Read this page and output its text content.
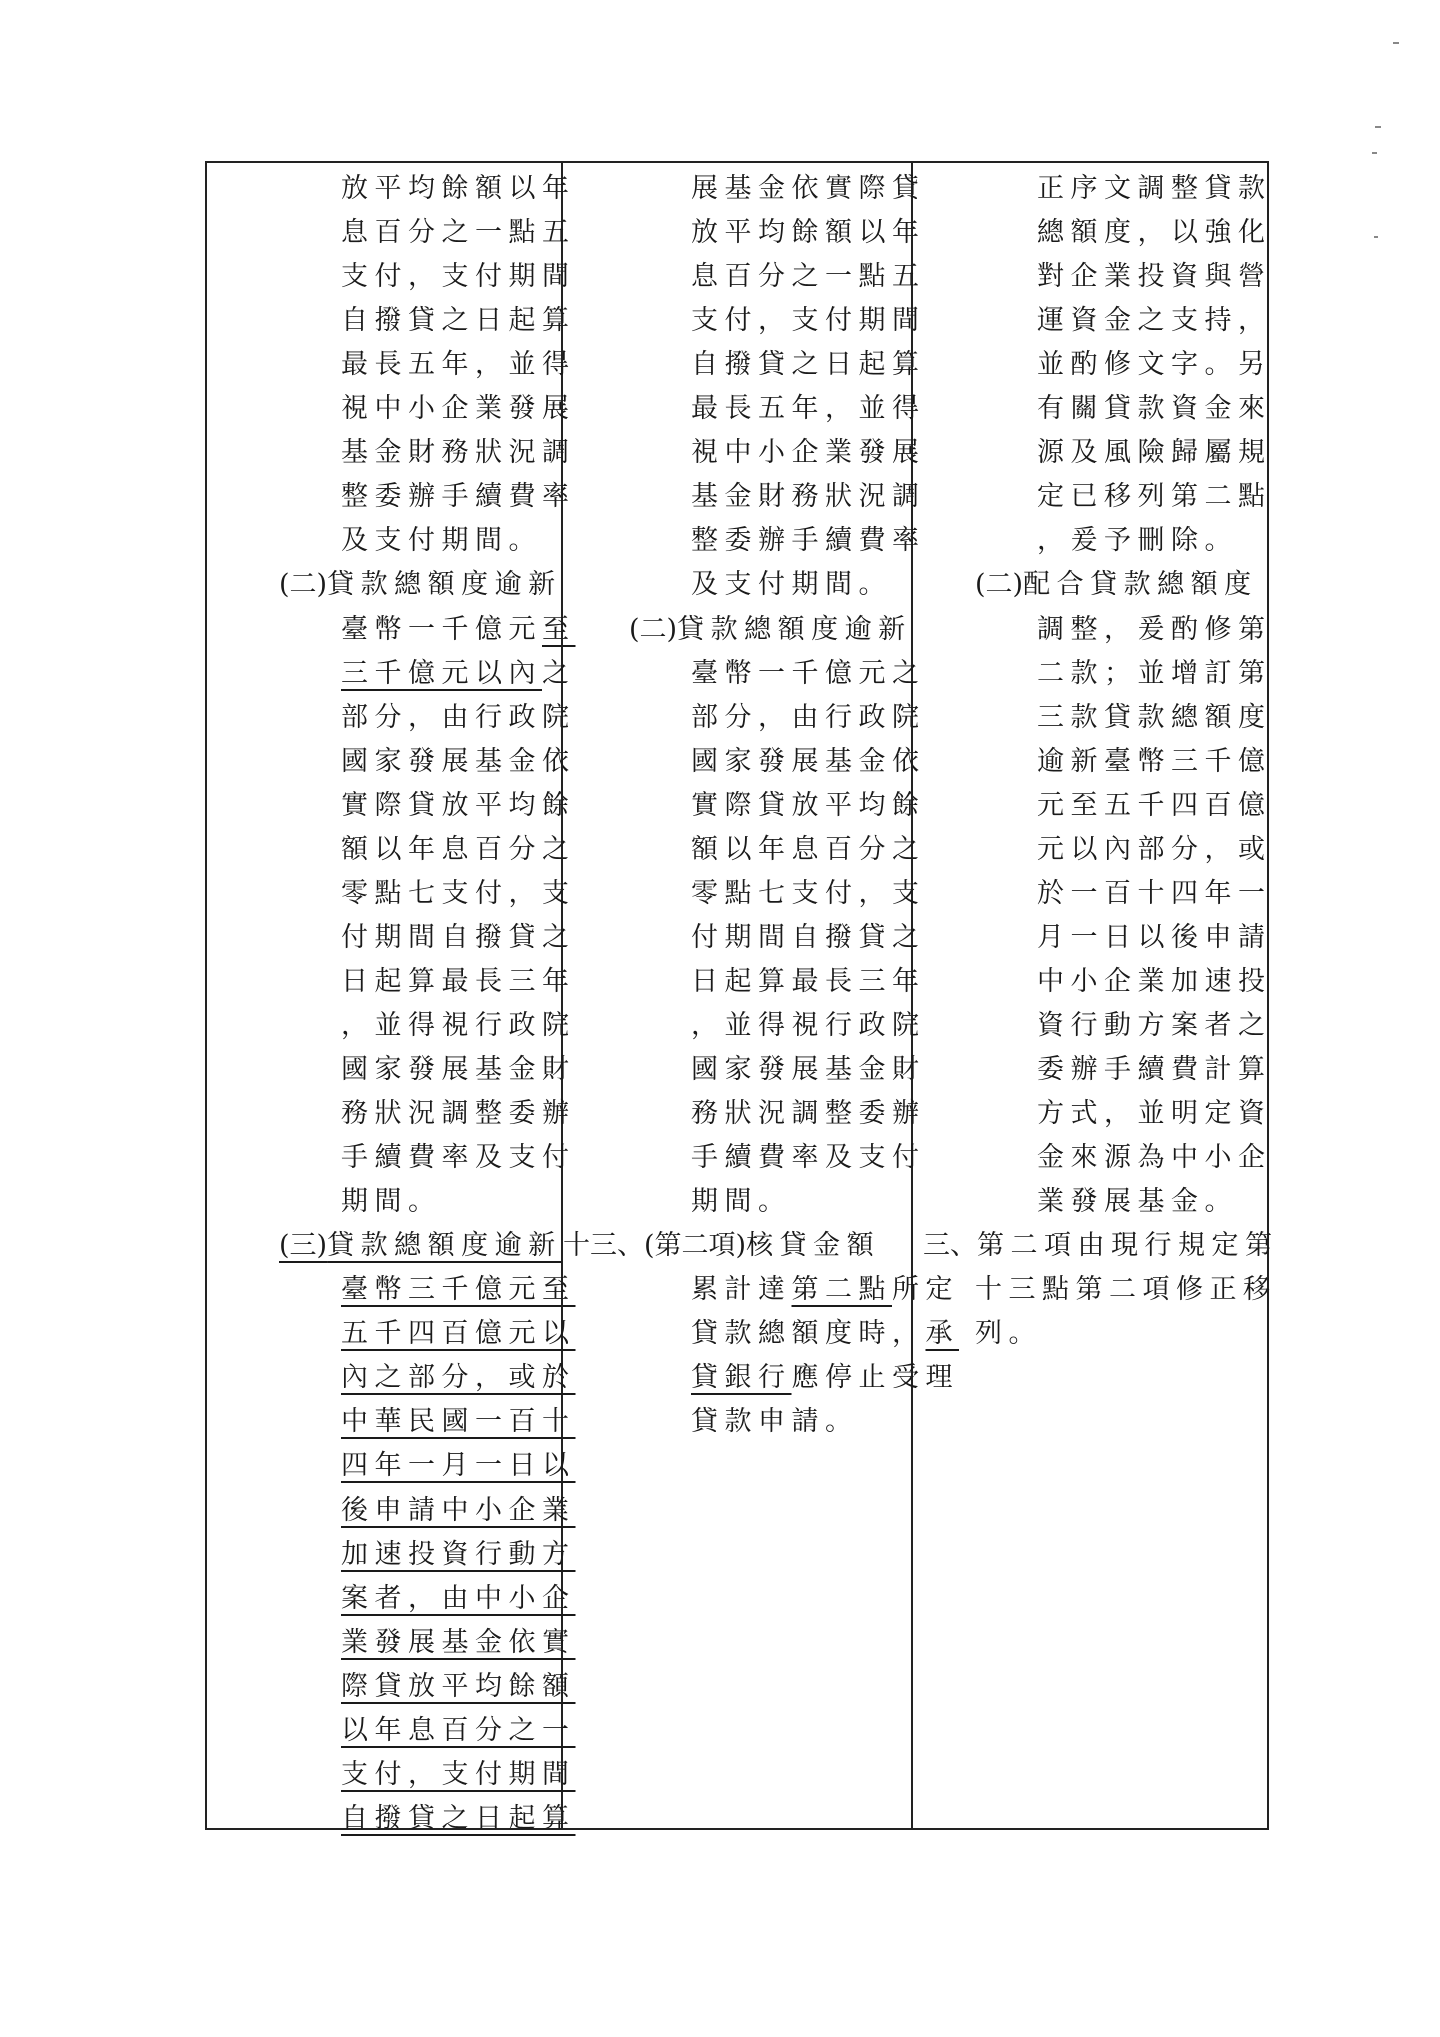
放平均餘額以年
息百分之一點五
支付，支付期間
自撥貸之日起算
最長五年，並得
視中小企業發展
基金財務狀況調
整委辦手續費率
及支付期間。
(二)貸款總額度逾新
臺幣一千億元至
三千億元以內之
部分，由行政院
國家發展基金依
實際貸放平均餘
額以年息百分之
零點七支付，支
付期間自撥貸之
日起算最長三年
，並得視行政院
國家發展基金財
務狀況調整委辦
手續費率及支付
期間。
(三)貸款總額度逾新
臺幣三千億元至
五千四百億元以
內之部分，或於
中華民國一百十
四年一月一日以
後申請中小企業
加速投資行動方
案者，由中小企
業發展基金依實
際貸放平均餘額
以年息百分之一
支付，支付期間
自撥貸之日起算
展基金依實際貸
放平均餘額以年
息百分之一點五
支付，支付期間
自撥貸之日起算
最長五年，並得
視中小企業發展
基金財務狀況調
整委辦手續費率
及支付期間。
(二)貸款總額度逾新
臺幣一千億元之
部分，由行政院
國家發展基金依
實際貸放平均餘
額以年息百分之
零點七支付，支
付期間自撥貸之
日起算最長三年
，並得視行政院
國家發展基金財
務狀況調整委辦
手續費率及支付
期間。
十三、(第二項)核貸金額
累計達第二點所定
貸款總額度時，承
貸銀行應停止受理
貸款申請。
正序文調整貸款
總額度，以強化
對企業投資與營
運資金之支持，
並酌修文字。另
有關貸款資金來
源及風險歸屬規
定已移列第二點
，爰予刪除。
(二)配合貸款總額度
調整，爰酌修第
二款；並增訂第
三款貸款總額度
逾新臺幣三千億
元至五千四百億
元以內部分，或
於一百十四年一
月一日以後申請
中小企業加速投
資行動方案者之
委辦手續費計算
方式，並明定資
金來源為中小企
業發展基金。
三、第二項由現行規定第
十三點第二項修正移
列。
